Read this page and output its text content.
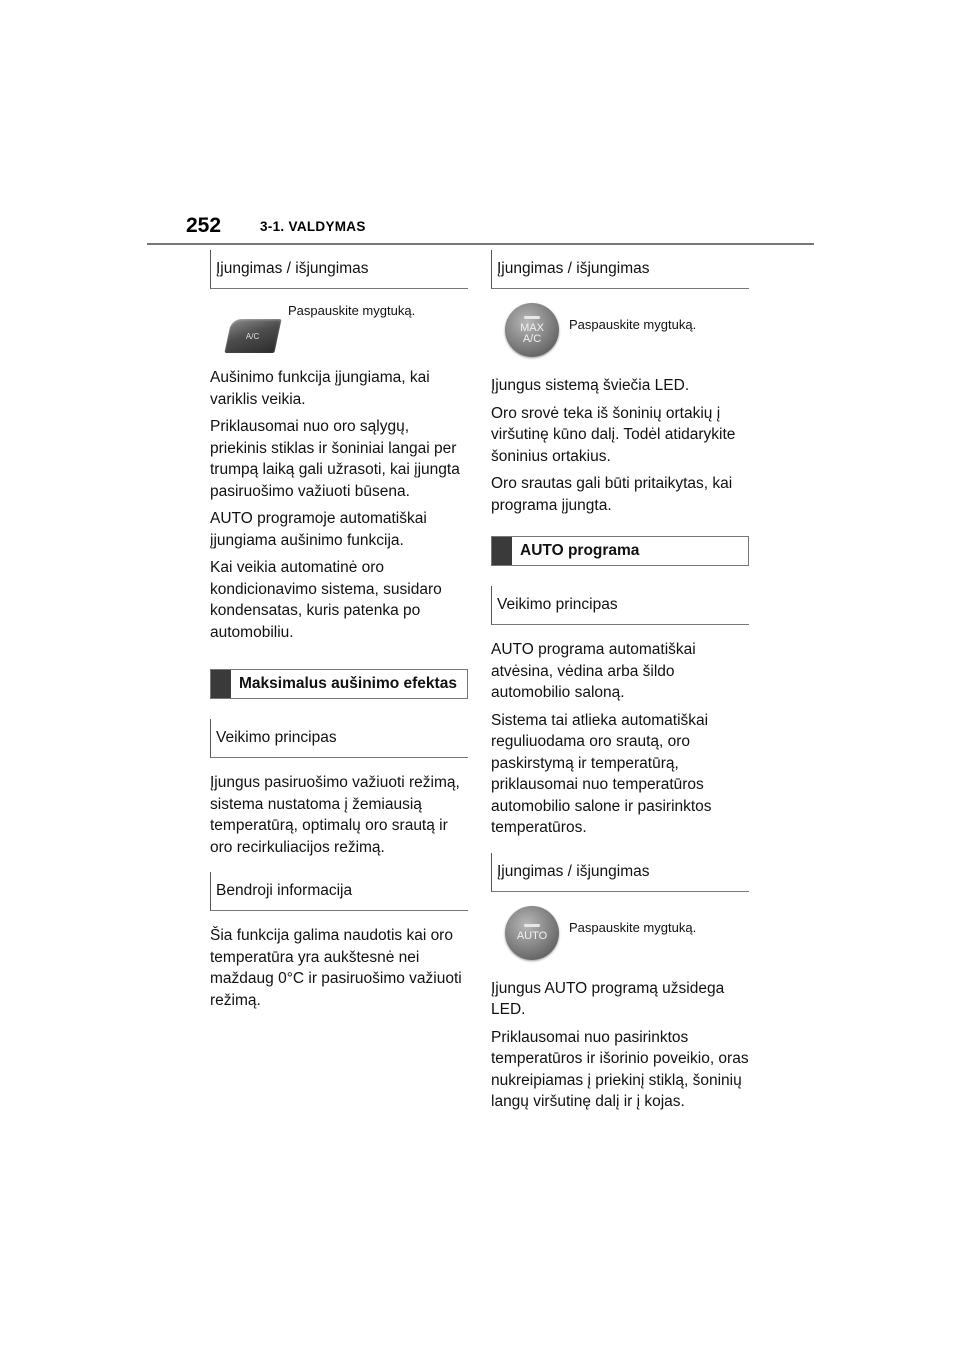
252	3-1. VALDYMAS
Įjungimas / išjungimas
A/C
Paspauskite mygtuką.

Aušinimo funkcija įjungiama, kai variklis veikia.

Priklausomai nuo oro sąlygų, priekinis stiklas ir šoniniai langai per trumpą laiką gali užrasoti, kai įjungta pasiruošimo važiuoti būsena.

AUTO programoje automatiškai įjungiama aušinimo funkcija.

Kai veikia automatinė oro kondicionavimo sistema, susidaro kondensatas, kuris patenka po automobiliu.

Maksimalus aušinimo efektas
Veikimo principas

Įjungus pasiruošimo važiuoti režimą, sistema nustatoma į žemiausią temperatūrą, optimalų oro srautą ir oro recirkuliacijos režimą.

Bendroji informacija

Šia funkcija galima naudotis kai oro temperatūra yra aukštesnė nei maždaug 0°C ir pasiruošimo važiuoti režimą.

Įjungimas / išjungimas
MAX
A/C
Paspauskite mygtuką.

Įjungus sistemą šviečia LED.

Oro srovė teka iš šoninių ortakių į viršutinę kūno dalį. Todėl atidarykite šoninius ortakius.

Oro srautas gali būti pritaikytas, kai programa įjungta.

AUTO programa
Veikimo principas

AUTO programa automatiškai atvėsina, vėdina arba šildo automobilio saloną.

Sistema tai atlieka automatiškai reguliuodama oro srautą, oro paskirstymą ir temperatūrą, priklausomai nuo temperatūros automobilio salone ir pasirinktos temperatūros.

Įjungimas / išjungimas
AUTO
Paspauskite mygtuką.

Įjungus AUTO programą užsidega LED.

Priklausomai nuo pasirinktos temperatūros ir išorinio poveikio, oras nukreipiamas į priekinį stiklą, šoninių langų viršutinę dalį ir į kojas.
